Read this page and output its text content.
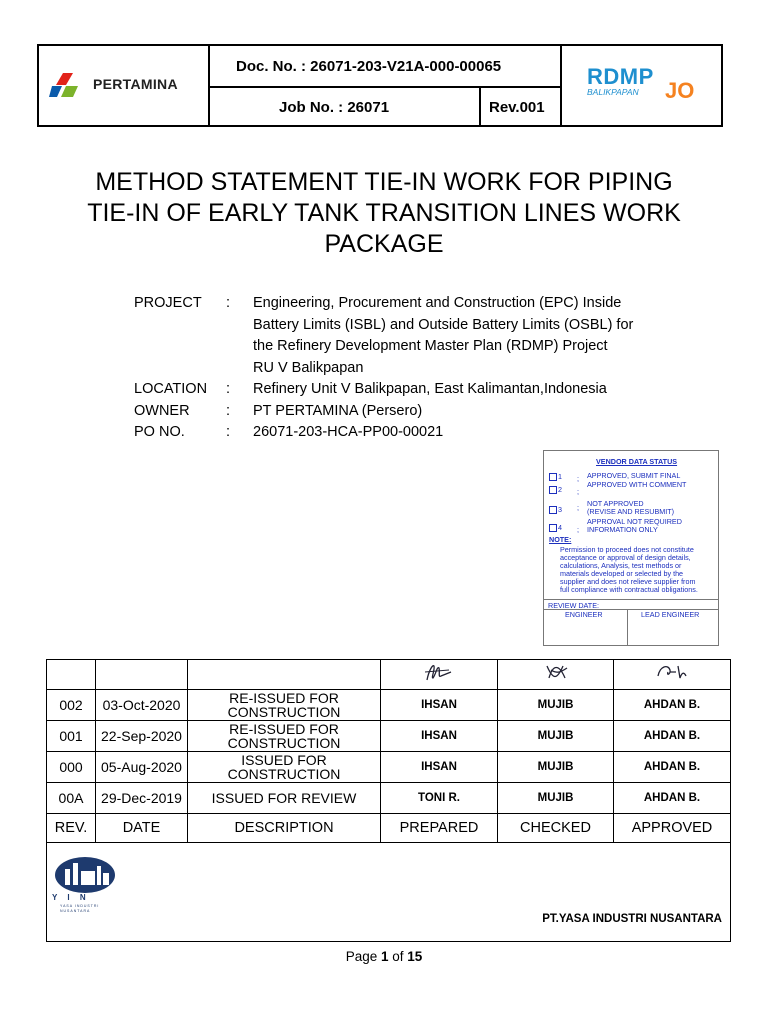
PERTAMINA
Doc. No. : 26071-203-V21A-000-00065
Job No. : 26071	Rev.001
RDMP
BALIKPAPAN JO
METHOD STATEMENT TIE-IN WORK FOR PIPING
TIE-IN OF EARLY TANK TRANSITION LINES WORK
PACKAGE
PROJECT : Engineering, Procurement and Construction (EPC) Inside
Battery Limits (ISBL) and Outside Battery Limits (OSBL) for
the Refinery Development Master Plan (RDMP) Project
RU V Balikpapan
LOCATION : Refinery Unit V Balikpapan, East Kalimantan,Indonesia
OWNER	: PT PERTAMINA (Persero)
PO NO.	: 26071-203-HCA-PP00-00021
VENDOR DATA STATUS
1 ; APPROVED, SUBMIT FINAL
2 ;
APPROVED WITH COMMENT
3 ; NOT APPROVED
(REVISE AND RESUBMIT)
4 ;
APPROVAL NOT REQUIRED
INFORMATION ONLY
NOTE:
Permission to proceed does not constitute
acceptance or approval of design details,
calculations, Analysis, test methods or
materials developed or selected by the
supplier and does not relieve supplier from
full compliance with contractual obligations.
REVIEW DATE:
ENGINEER	LEAD ENGINEER

002	03-Oct-2020	RE-ISSUED FOR CONSTRUCTION	IHSAN	MUJIB	AHDAN B.
001	22-Sep-2020	RE-ISSUED FOR CONSTRUCTION	IHSAN	MUJIB	AHDAN B.
000	05-Aug-2020	ISSUED FOR CONSTRUCTION	IHSAN	MUJIB	AHDAN B.
00A	29-Dec-2019	ISSUED FOR REVIEW	TONI R.	MUJIB	AHDAN B.
REV.	DATE	DESCRIPTION	PREPARED	CHECKED	APPROVED

Y I N
YASA INDUSTRI NUSANTARA
PT.YASA INDUSTRI NUSANTARA					
Page 1 of 15
